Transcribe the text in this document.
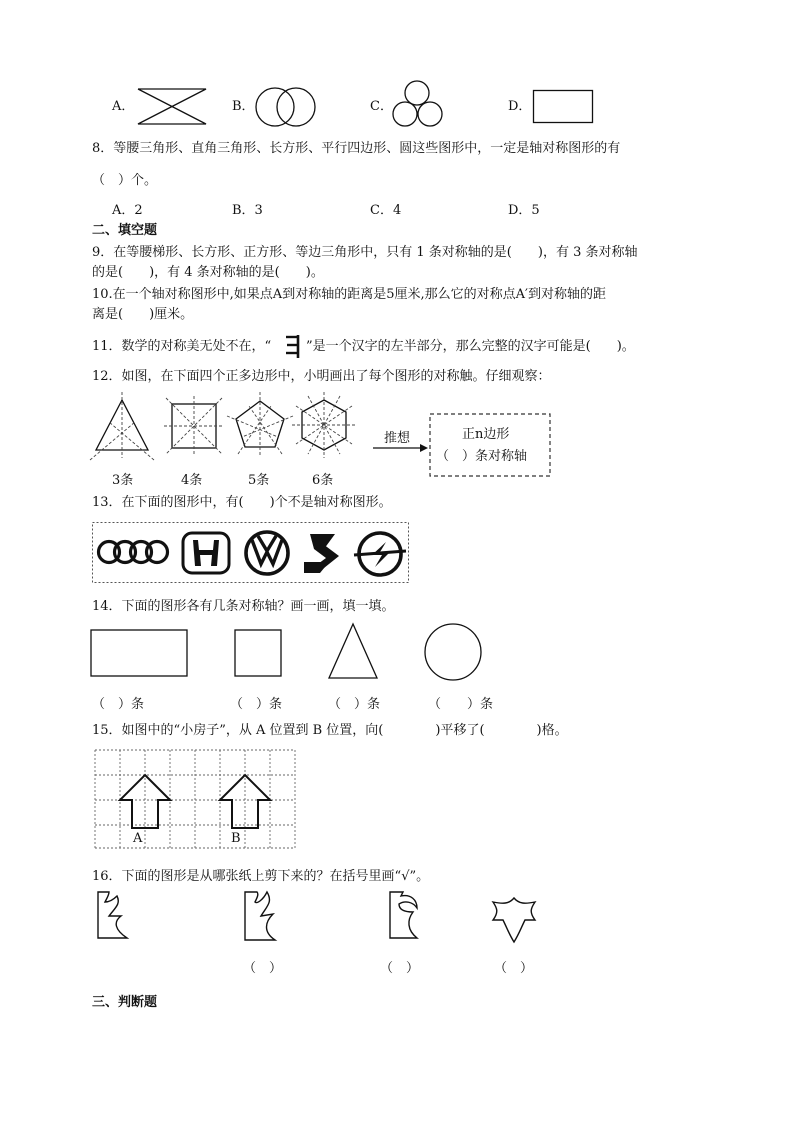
A．	B．	C．	D．
8．等腰三角形、直角三角形、长方形、平行四边形、圆这些图形中，一定是轴对称图形的有
（　）个。
A．2	B．3	C．4	D．5
二、填空题
9．在等腰梯形、长方形、正方形、等边三角形中，只有 1 条对称轴的是(　　)，有 3 条对称轴
的是(　　)，有 4 条对称轴的是(　　)。
10.在一个轴对称图形中,如果点A到对称轴的距离是5厘米,那么它的对称点A′到对称轴的距
离是(　　)厘米。
11．数学的对称美无处不在，“	”是一个汉字的左半部分，那么完整的汉字可能是(　　)。
12．如图，在下面四个正多边形中，小明画出了每个图形的对称触。仔细观察：
3条	4条	5条	6条
推想	正n边形
（　）条对称轴
13．在下面的图形中，有(　　)个不是轴对称图形。
14．下面的图形各有几条对称轴？画一画，填一填。
（　）条	（　）条	（　）条	（　　）条
15．如图中的“小房子”，从 A 位置到 B 位置，向(　　　　)平移了(　　　　)格。
A	B
16．下面的图形是从哪张纸上剪下来的？在括号里画“√”。
（　）	（　）	（　）
三、判断题
